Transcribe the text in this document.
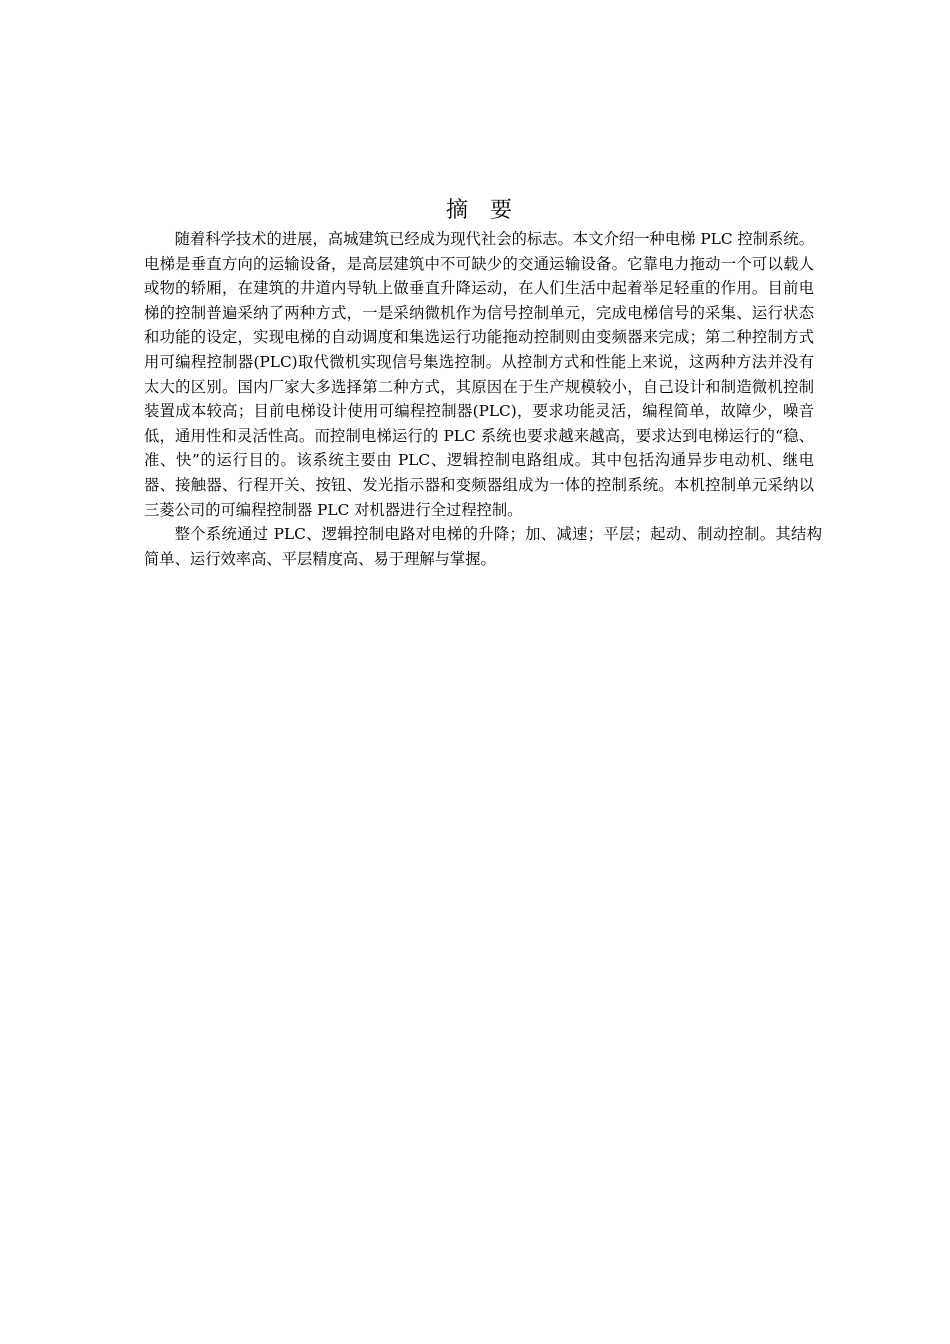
摘 要

随着科学技术的进展，高城建筑已经成为现代社会的标志。本文介绍一种电梯 PLC 控制系统。电梯是垂直方向的运输设备，是高层建筑中不可缺少的交通运输设备。它靠电力拖动一个可以载人或物的轿厢，在建筑的井道内导轨上做垂直升降运动，在人们生活中起着举足轻重的作用。目前电梯的控制普遍采纳了两种方式，一是采纳微机作为信号控制单元，完成电梯信号的采集、运行状态和功能的设定，实现电梯的自动调度和集选运行功能拖动控制则由变频器来完成；第二种控制方式用可编程控制器(PLC)取代微机实现信号集选控制。从控制方式和性能上来说，这两种方法并没有太大的区别。国内厂家大多选择第二种方式，其原因在于生产规模较小，自己设计和制造微机控制装置成本较高；目前电梯设计使用可编程控制器(PLC)，要求功能灵活，编程简单，故障少，噪音低，通用性和灵活性高。而控制电梯运行的 PLC 系统也要求越来越高，要求达到电梯运行的“稳、准、快”的运行目的。该系统主要由 PLC、逻辑控制电路组成。其中包括沟通异步电动机、继电器、接触器、行程开关、按钮、发光指示器和变频器组成为一体的控制系统。本机控制单元采纳以三菱公司的可编程控制器 PLC 对机器进行全过程控制。

整个系统通过 PLC、逻辑控制电路对电梯的升降；加、减速；平层；起动、制动控制。其结构简单、运行效率高、平层精度高、易于理解与掌握。
